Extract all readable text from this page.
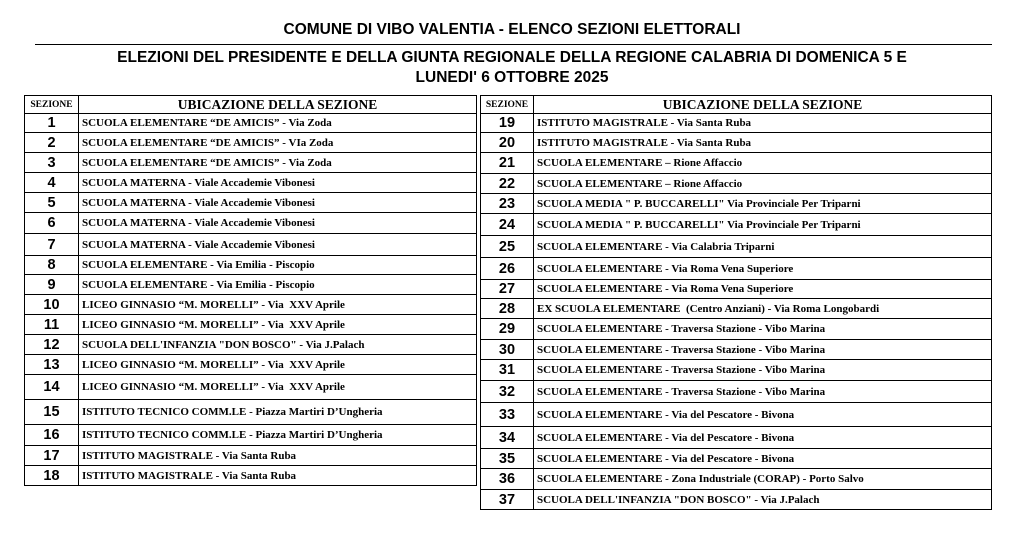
COMUNE DI VIBO VALENTIA - ELENCO SEZIONI ELETTORALI
ELEZIONI DEL PRESIDENTE E DELLA GIUNTA REGIONALE DELLA REGIONE CALABRIA DI DOMENICA 5 E
LUNEDI' 6 OTTOBRE 2025
SEZIONE	UBICAZIONE DELLA SEZIONE
1	SCUOLA ELEMENTARE “DE AMICIS” - Via Zoda
2	SCUOLA ELEMENTARE “DE AMICIS” - VIa Zoda
3	SCUOLA ELEMENTARE “DE AMICIS” - Via Zoda
4	SCUOLA MATERNA - Viale Accademie Vibonesi
5	SCUOLA MATERNA - Viale Accademie Vibonesi
6	SCUOLA MATERNA - Viale Accademie Vibonesi
7	SCUOLA MATERNA - Viale Accademie Vibonesi
8	SCUOLA ELEMENTARE - Via Emilia - Piscopio
9	SCUOLA ELEMENTARE - Via Emilia - Piscopio
10	LICEO GINNASIO “M. MORELLI” - Via  XXV Aprile
11	LICEO GINNASIO “M. MORELLI” - Via  XXV Aprile
12	SCUOLA DELL'INFANZIA "DON BOSCO" - Via J.Palach
13	LICEO GINNASIO “M. MORELLI” - Via  XXV Aprile
14	LICEO GINNASIO “M. MORELLI” - Via  XXV Aprile
15	ISTITUTO TECNICO COMM.LE - Piazza Martiri D’Ungheria
16	ISTITUTO TECNICO COMM.LE - Piazza Martiri D’Ungheria
17	ISTITUTO MAGISTRALE - Via Santa Ruba
18	ISTITUTO MAGISTRALE - Via Santa Ruba
SEZIONE	UBICAZIONE DELLA SEZIONE
19	ISTITUTO MAGISTRALE - Via Santa Ruba
20	ISTITUTO MAGISTRALE - Via Santa Ruba
21	SCUOLA ELEMENTARE – Rione Affaccio
22	SCUOLA ELEMENTARE – Rione Affaccio
23	SCUOLA MEDIA " P. BUCCARELLI" Via Provinciale Per Triparni
24	SCUOLA MEDIA " P. BUCCARELLI" Via Provinciale Per Triparni
25	SCUOLA ELEMENTARE - Via Calabria Triparni
26	SCUOLA ELEMENTARE - Via Roma Vena Superiore
27	SCUOLA ELEMENTARE - Via Roma Vena Superiore
28	EX SCUOLA ELEMENTARE  (Centro Anziani) - Via Roma Longobardi
29	SCUOLA ELEMENTARE - Traversa Stazione - Vibo Marina
30	SCUOLA ELEMENTARE - Traversa Stazione - Vibo Marina
31	SCUOLA ELEMENTARE - Traversa Stazione - Vibo Marina
32	SCUOLA ELEMENTARE - Traversa Stazione - Vibo Marina
33	SCUOLA ELEMENTARE - Via del Pescatore - Bivona
34	SCUOLA ELEMENTARE - Via del Pescatore - Bivona
35	SCUOLA ELEMENTARE - Via del Pescatore - Bivona
36	SCUOLA ELEMENTARE - Zona Industriale (CORAP) - Porto Salvo
37	SCUOLA DELL'INFANZIA "DON BOSCO" - Via J.Palach
